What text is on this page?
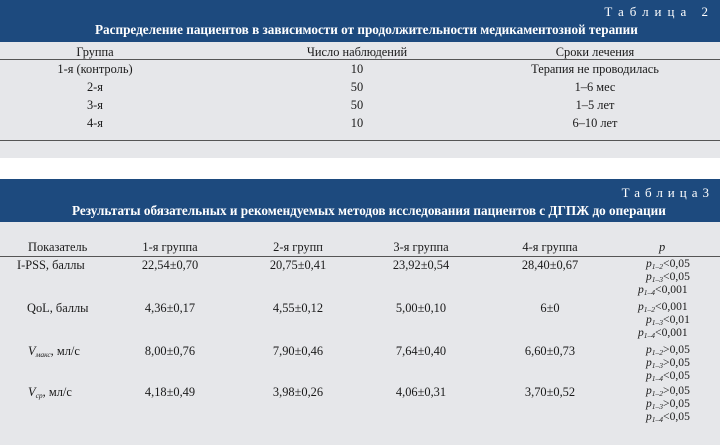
Таблица 2
Распределение пациентов в зависимости от продолжительности медикаментозной терапии
Группа	Число наблюдений	Сроки лечения
1-я (контроль)	10	Терапия не проводилась
2-я	50	1–6 мес
3-я	50	1–5 лет
4-я	10	6–10 лет
Таблица3
Результаты обязательных и рекомендуемых методов исследования пациентов с ДГПЖ до операции
Показатель	1-я группа	2-я групп	3-я группа	4-я группа	p
I-PSS, баллы	22,54±0,70	20,75±0,41	23,92±0,54	28,40±0,67	$p_{1-2}<0,05$
$p_{1-3}<0,05$
$p_{1-4}<0,001$
QoL, баллы	4,36±0,17	4,55±0,12	5,00±0,10	6±0	$p_{1-2}<0,001$
$p_{1-3}<0,01$
$p_{1-4}<0,001$
$V_{макс}$, мл/с	8,00±0,76	7,90±0,46	7,64±0,40	6,60±0,73	$p_{1-2}>0,05$
$p_{1-3}>0,05$
$p_{1-4}<0,05$
$V_{ср}$, мл/с	4,18±0,49	3,98±0,26	4,06±0,31	3,70±0,52	$p_{1-2}>0,05$
$p_{1-3}>0,05$
$p_{1-4}<0,05$
